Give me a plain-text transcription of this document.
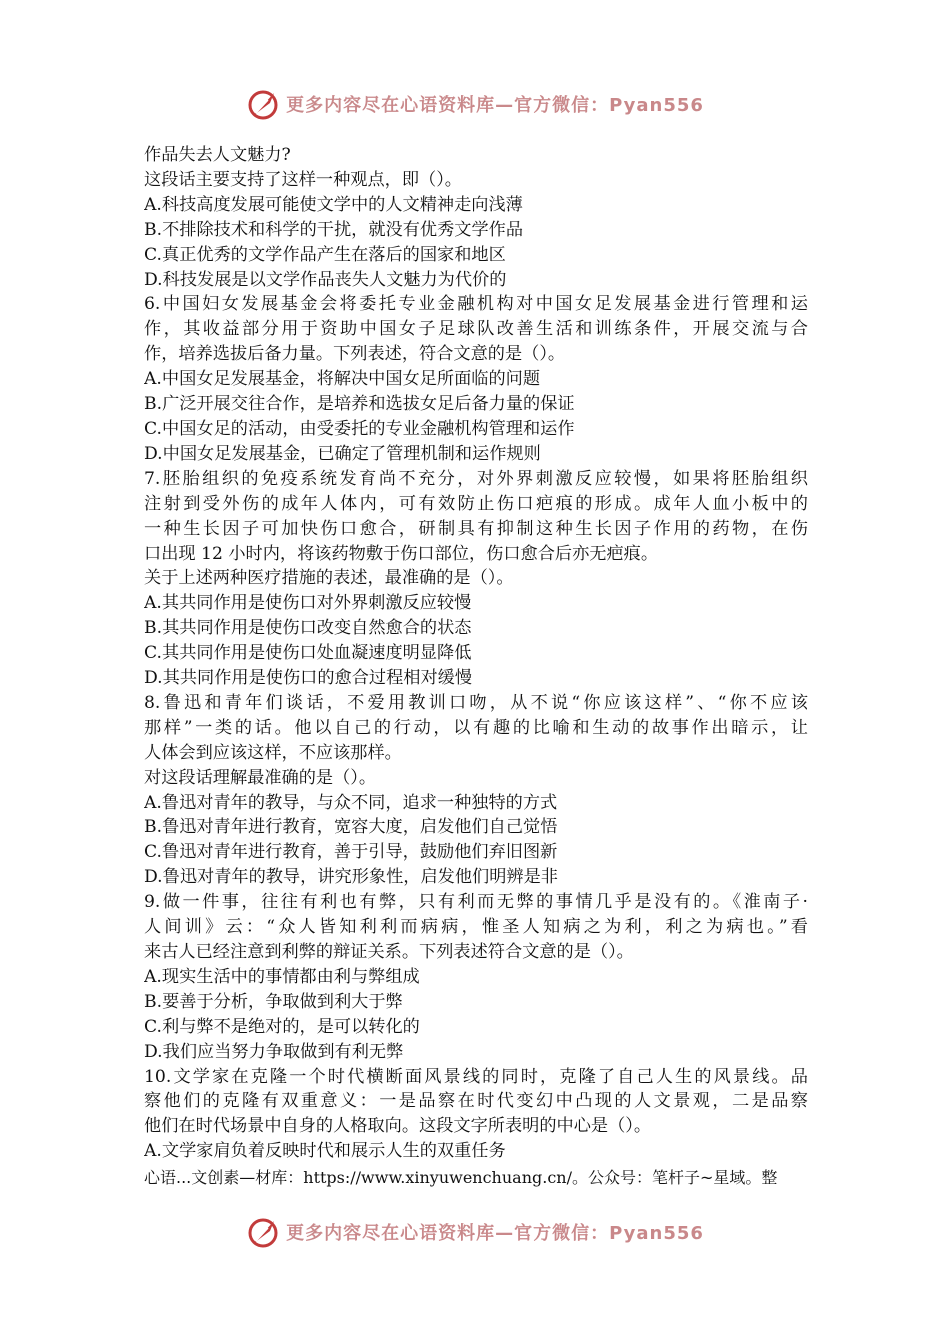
更多内容尽在心语资料库—官方微信：Pyan556
作品失去人文魅力?
这段话主要支持了这样一种观点，即（）。
A.科技高度发展可能使文学中的人文精神走向浅薄
B.不排除技术和科学的干扰，就没有优秀文学作品
C.真正优秀的文学作品产生在落后的国家和地区
D.科技发展是以文学作品丧失人文魅力为代价的
6.中国妇女发展基金会将委托专业金融机构对中国女足发展基金进行管理和运
作，其收益部分用于资助中国女子足球队改善生活和训练条件，开展交流与合
作，培养选拔后备力量。下列表述，符合文意的是（）。
A.中国女足发展基金，将解决中国女足所面临的问题
B.广泛开展交往合作，是培养和选拔女足后备力量的保证
C.中国女足的活动，由受委托的专业金融机构管理和运作
D.中国女足发展基金，已确定了管理机制和运作规则
7.胚胎组织的免疫系统发育尚不充分，对外界刺激反应较慢，如果将胚胎组织
注射到受外伤的成年人体内，可有效防止伤口疤痕的形成。成年人血小板中的
一种生长因子可加快伤口愈合，研制具有抑制这种生长因子作用的药物，在伤
口出现 12 小时内，将该药物敷于伤口部位，伤口愈合后亦无疤痕。
关于上述两种医疗措施的表述，最准确的是（）。
A.其共同作用是使伤口对外界刺激反应较慢
B.其共同作用是使伤口改变自然愈合的状态
C.其共同作用是使伤口处血凝速度明显降低
D.其共同作用是使伤口的愈合过程相对缓慢
8.鲁迅和青年们谈话，不爱用教训口吻，从不说“你应该这样”、“你不应该
那样”一类的话。他以自己的行动，以有趣的比喻和生动的故事作出暗示，让
人体会到应该这样，不应该那样。
对这段话理解最准确的是（）。
A.鲁迅对青年的教导，与众不同，追求一种独特的方式
B.鲁迅对青年进行教育，宽容大度，启发他们自己觉悟
C.鲁迅对青年进行教育，善于引导，鼓励他们弃旧图新
D.鲁迅对青年的教导，讲究形象性，启发他们明辨是非
9.做一件事，往往有利也有弊，只有利而无弊的事情几乎是没有的。《淮南子·
人间训》云：“众人皆知利利而病病，惟圣人知病之为利，利之为病也。”看
来古人已经注意到利弊的辩证关系。下列表述符合文意的是（）。
A.现实生活中的事情都由利与弊组成
B.要善于分析，争取做到利大于弊
C.利与弊不是绝对的，是可以转化的
D.我们应当努力争取做到有利无弊
10.文学家在克隆一个时代横断面风景线的同时，克隆了自己人生的风景线。品
察他们的克隆有双重意义：一是品察在时代变幻中凸现的人文景观，二是品察
他们在时代场景中自身的人格取向。这段文字所表明的中心是（）。
A.文学家肩负着反映时代和展示人生的双重任务
心语...文创素—材库：https://www.xinyuwenchuang.cn/。公众号：笔杆子~星域。整
更多内容尽在心语资料库—官方微信：Pyan556
